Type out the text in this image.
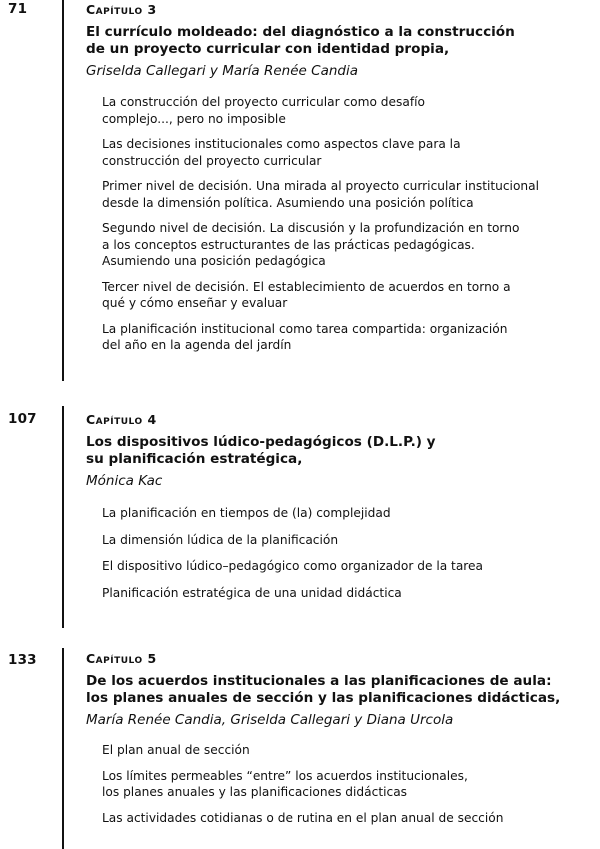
71
107
133
Capítulo 3
El currículo moldeado: del diagnóstico a la construcción
de un proyecto curricular con identidad propia,
Griselda Callegari y María Renée Candia
La construcción del proyecto curricular como desafío
complejo..., pero no imposible
Las decisiones institucionales como aspectos clave para la
construcción del proyecto curricular
Primer nivel de decisión. Una mirada al proyecto curricular institucional
desde la dimensión política. Asumiendo una posición política
Segundo nivel de decisión. La discusión y la profundización en torno
a los conceptos estructurantes de las prácticas pedagógicas.
Asumiendo una posición pedagógica
Tercer nivel de decisión. El establecimiento de acuerdos en torno a
qué y cómo enseñar y evaluar
La planificación institucional como tarea compartida: organización
del año en la agenda del jardín
Capítulo 4
Los dispositivos lúdico-pedagógicos (D.L.P.) y
su planificación estratégica,
Mónica Kac
La planificación en tiempos de (la) complejidad
La dimensión lúdica de la planificación
El dispositivo lúdico–pedagógico como organizador de la tarea
Planificación estratégica de una unidad didáctica
Capítulo 5
De los acuerdos institucionales a las planificaciones de aula:
los planes anuales de sección y las planificaciones didácticas,
María Renée Candia, Griselda Callegari y Diana Urcola
El plan anual de sección
Los límites permeables “entre” los acuerdos institucionales,
los planes anuales y las planificaciones didácticas
Las actividades cotidianas o de rutina en el plan anual de sección
